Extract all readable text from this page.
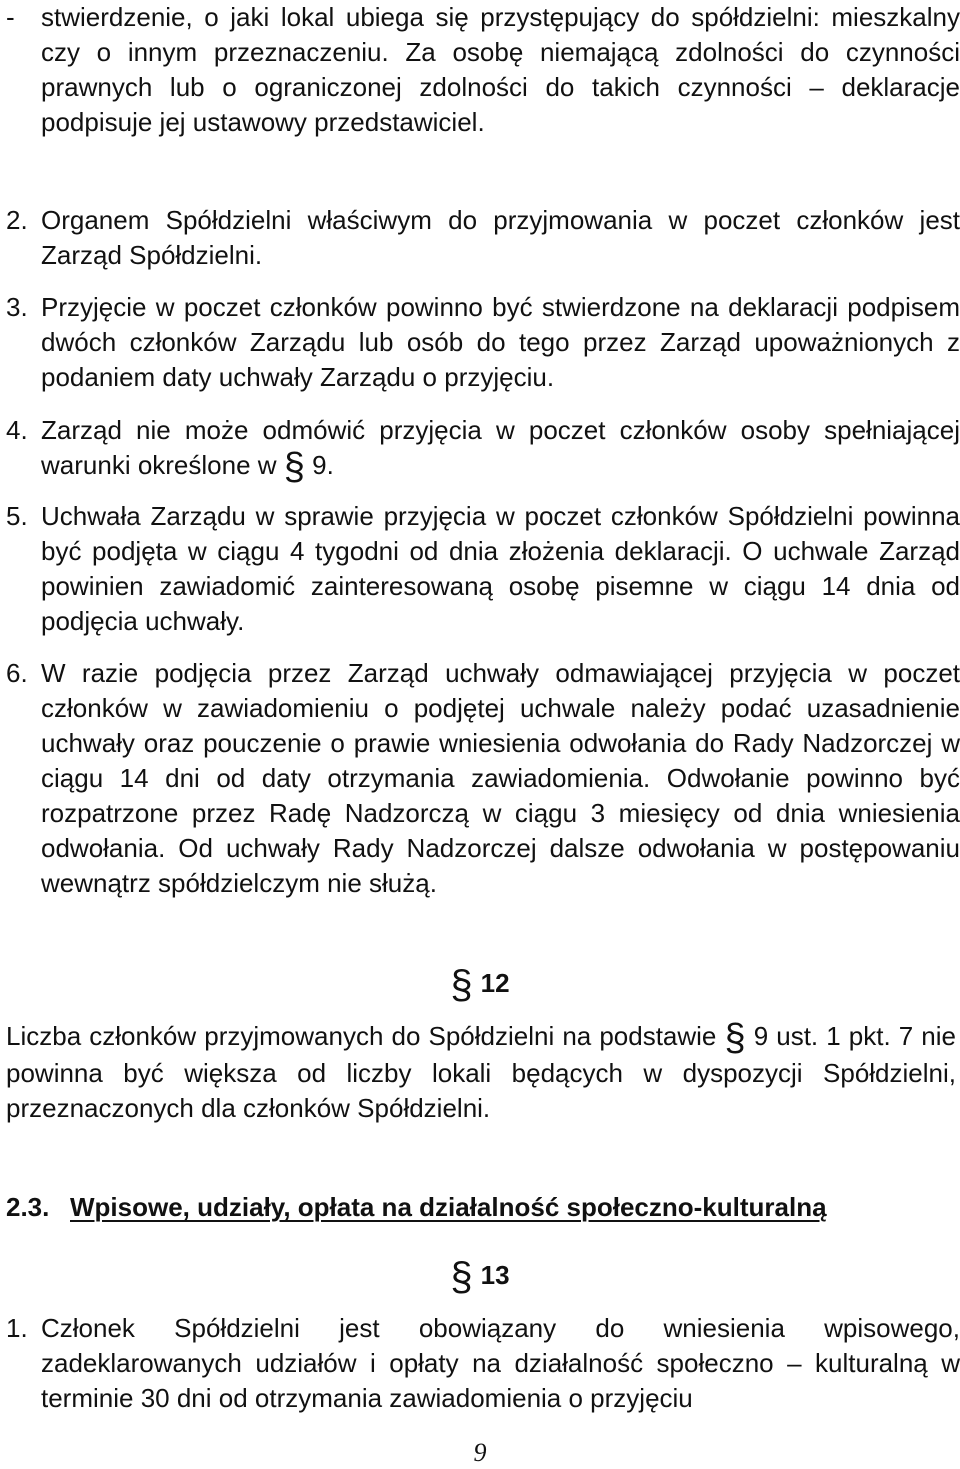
- stwierdzenie, o jaki lokal ubiega się przystępujący do spółdzielni: mieszkalny czy o innym przeznaczeniu. Za osobę niemającą zdolności do czynności prawnych lub o ograniczonej zdolności do takich czynności – deklaracje podpisuje jej ustawowy przedstawiciel.
2. Organem Spółdzielni właściwym do przyjmowania w poczet członków jest Zarząd Spółdzielni.
3. Przyjęcie w poczet członków powinno być stwierdzone na deklaracji podpisem dwóch członków Zarządu lub osób do tego przez Zarząd upoważnionych z podaniem daty uchwały Zarządu o przyjęciu.
4. Zarząd nie może odmówić przyjęcia w poczet członków osoby spełniającej warunki określone w § 9.
5. Uchwała Zarządu w sprawie przyjęcia w poczet członków Spółdzielni powinna być podjęta w ciągu 4 tygodni od dnia złożenia deklaracji. O uchwale Zarząd powinien zawiadomić zainteresowaną osobę pisemne w ciągu 14 dnia od podjęcia uchwały.
6. W razie podjęcia przez Zarząd uchwały odmawiającej przyjęcia w poczet członków w zawiadomieniu o podjętej uchwale należy podać uzasadnienie uchwały oraz pouczenie o prawie wniesienia odwołania do Rady Nadzorczej w ciągu 14 dni od daty otrzymania zawiadomienia. Odwołanie powinno być rozpatrzone przez Radę Nadzorczą w ciągu 3 miesięcy od dnia wniesienia odwołania. Od uchwały Rady Nadzorczej dalsze odwołania w postępowaniu wewnątrz spółdzielczym nie służą.
§ 12
Liczba członków przyjmowanych do Spółdzielni na podstawie § 9 ust. 1 pkt. 7 nie powinna być większa od liczby lokali będących w dyspozycji Spółdzielni, przeznaczonych dla członków Spółdzielni.
2.3. Wpisowe, udziały, opłata na działalność społeczno-kulturalną
§ 13
1. Członek Spółdzielni jest obowiązany do wniesienia wpisowego, zadeklarowanych udziałów i opłaty na działalność społeczno – kulturalną w terminie 30 dni od otrzymania zawiadomienia o przyjęciu
9
